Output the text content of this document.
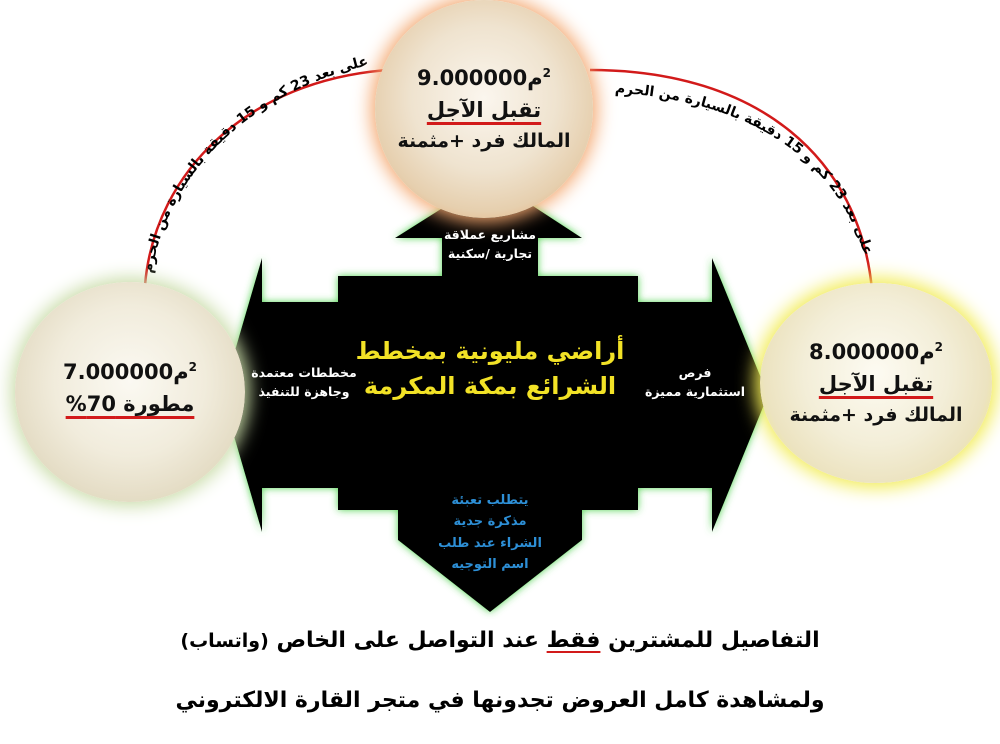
على بعد 23 كم و 15 دقيقة بالسيارة من الحرم
على بعد 23 كم و 15 دقيقة بالسيارة من الحرم
$^2$م9.000000
تقبل الآجل
المالك فرد +مثمنة
$^2$م7.000000
مطورة 70%
$^2$م8.000000
تقبل الآجل
المالك فرد +مثمنة
مشاريع عملاقة
تجارية /سكنية
مخططات معتمدة
وجاهزة للتنفيذ
فرص
استثمارية مميزة
أراضي مليونية بمخطط
الشرائع بمكة المكرمة
يتطلب تعبئة
مذكرة جدية
الشراء عند طلب
اسم التوجيه
التفاصيل للمشترين فقط عند التواصل على الخاص (واتساب)
ولمشاهدة كامل العروض تجدونها في متجر القارة الالكتروني
